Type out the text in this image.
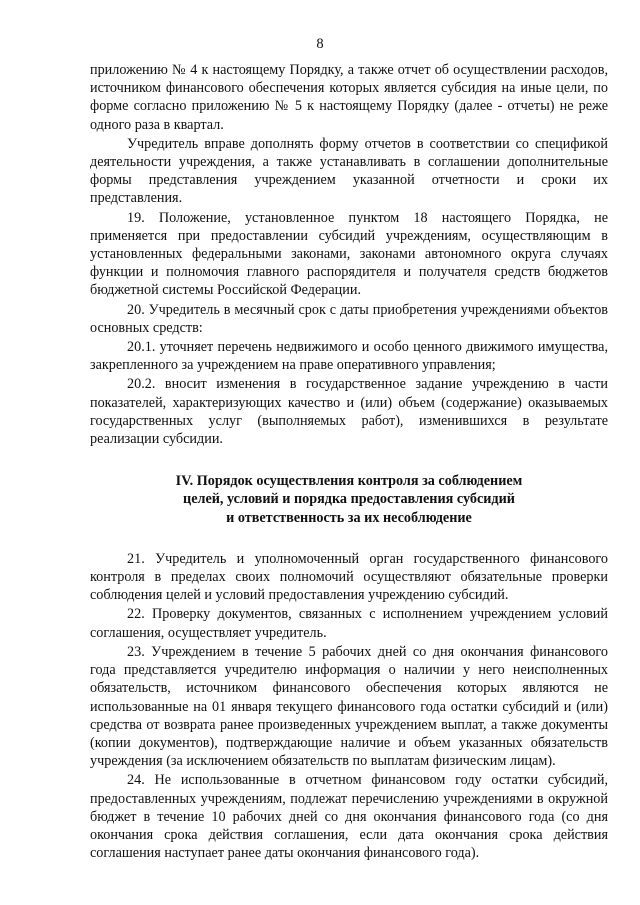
8

приложению № 4 к настоящему Порядку, а также отчет об осуществлении расходов, источником финансового обеспечения которых является субсидия на иные цели, по форме согласно приложению № 5 к настоящему Порядку (далее - отчеты) не реже одного раза в квартал.

Учредитель вправе дополнять форму отчетов в соответствии со спецификой деятельности учреждения, а также устанавливать в соглашении дополнительные формы представления учреждением указанной отчетности и сроки их представления.

19. Положение, установленное пунктом 18 настоящего Порядка, не применяется при предоставлении субсидий учреждениям, осуществляющим в установленных федеральными законами, законами автономного округа случаях функции и полномочия главного распорядителя и получателя средств бюджетов бюджетной системы Российской Федерации.

20. Учредитель в месячный срок с даты приобретения учреждениями объектов основных средств:

20.1. уточняет перечень недвижимого и особо ценного движимого имущества, закрепленного за учреждением на праве оперативного управления;

20.2. вносит изменения в государственное задание учреждению в части показателей, характеризующих качество и (или) объем (содержание) оказываемых государственных услуг (выполняемых работ), изменившихся в результате реализации субсидии.

IV. Порядок осуществления контроля за соблюдением
целей, условий и порядка предоставления субсидий
и ответственность за их несоблюдение

21. Учредитель и уполномоченный орган государственного финансового контроля в пределах своих полномочий осуществляют обязательные проверки соблюдения целей и условий предоставления учреждению субсидий.

22. Проверку документов, связанных с исполнением учреждением условий соглашения, осуществляет учредитель.

23. Учреждением в течение 5 рабочих дней со дня окончания финансового года представляется учредителю информация о наличии у него неисполненных обязательств, источником финансового обеспечения которых являются не использованные на 01 января текущего финансового года остатки субсидий и (или) средства от возврата ранее произведенных учреждением выплат, а также документы (копии документов), подтверждающие наличие и объем указанных обязательств учреждения (за исключением обязательств по выплатам физическим лицам).

24. Не использованные в отчетном финансовом году остатки субсидий, предоставленных учреждениям, подлежат перечислению учреждениями в окружной бюджет в течение 10 рабочих дней со дня окончания финансового года (со дня окончания срока действия соглашения, если дата окончания срока действия соглашения наступает ранее даты окончания финансового года).
